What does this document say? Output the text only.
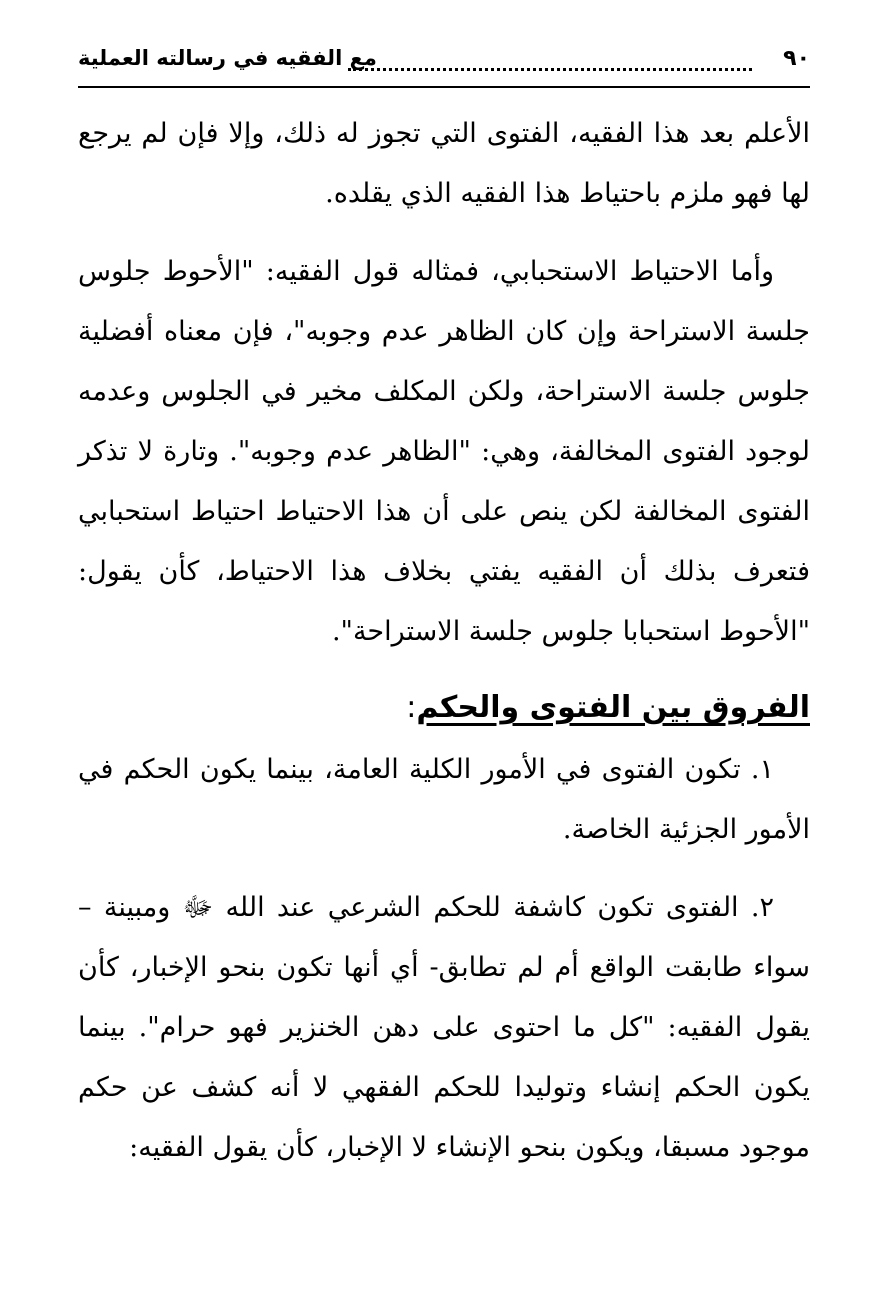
٩٠
مع الفقيه في رسالته العملية

الأعلم بعد هذا الفقيه، الفتوى التي تجوز له ذلك، وإلا فإن لم يرجع لها فهو ملزم باحتياط هذا الفقيه الذي يقلده.

وأما الاحتياط الاستحبابي، فمثاله قول الفقيه: "الأحوط جلوس جلسة الاستراحة وإن كان الظاهر عدم وجوبه"، فإن معناه أفضلية جلوس جلسة الاستراحة، ولكن المكلف مخير في الجلوس وعدمه لوجود الفتوى المخالفة، وهي: "الظاهر عدم وجوبه". وتارة لا تذكر الفتوى المخالفة لكن ينص على أن هذا الاحتياط احتياط استحبابي فتعرف بذلك أن الفقيه يفتي بخلاف هذا الاحتياط، كأن يقول: "الأحوط استحبابا جلوس جلسة الاستراحة".

الفروق بين الفتوى والحكم:

١. تكون الفتوى في الأمور الكلية العامة، بينما يكون الحكم في الأمور الجزئية الخاصة.

٢. الفتوى تكون كاشفة للحكم الشرعي عند الله ﷻ ومبينة – سواء طابقت الواقع أم لم تطابق- أي أنها تكون بنحو الإخبار، كأن يقول الفقيه: "كل ما احتوى على دهن الخنزير فهو حرام". بينما يكون الحكم إنشاء وتوليدا للحكم الفقهي لا أنه كشف عن حكم موجود مسبقا، ويكون بنحو الإنشاء لا الإخبار، كأن يقول الفقيه:
